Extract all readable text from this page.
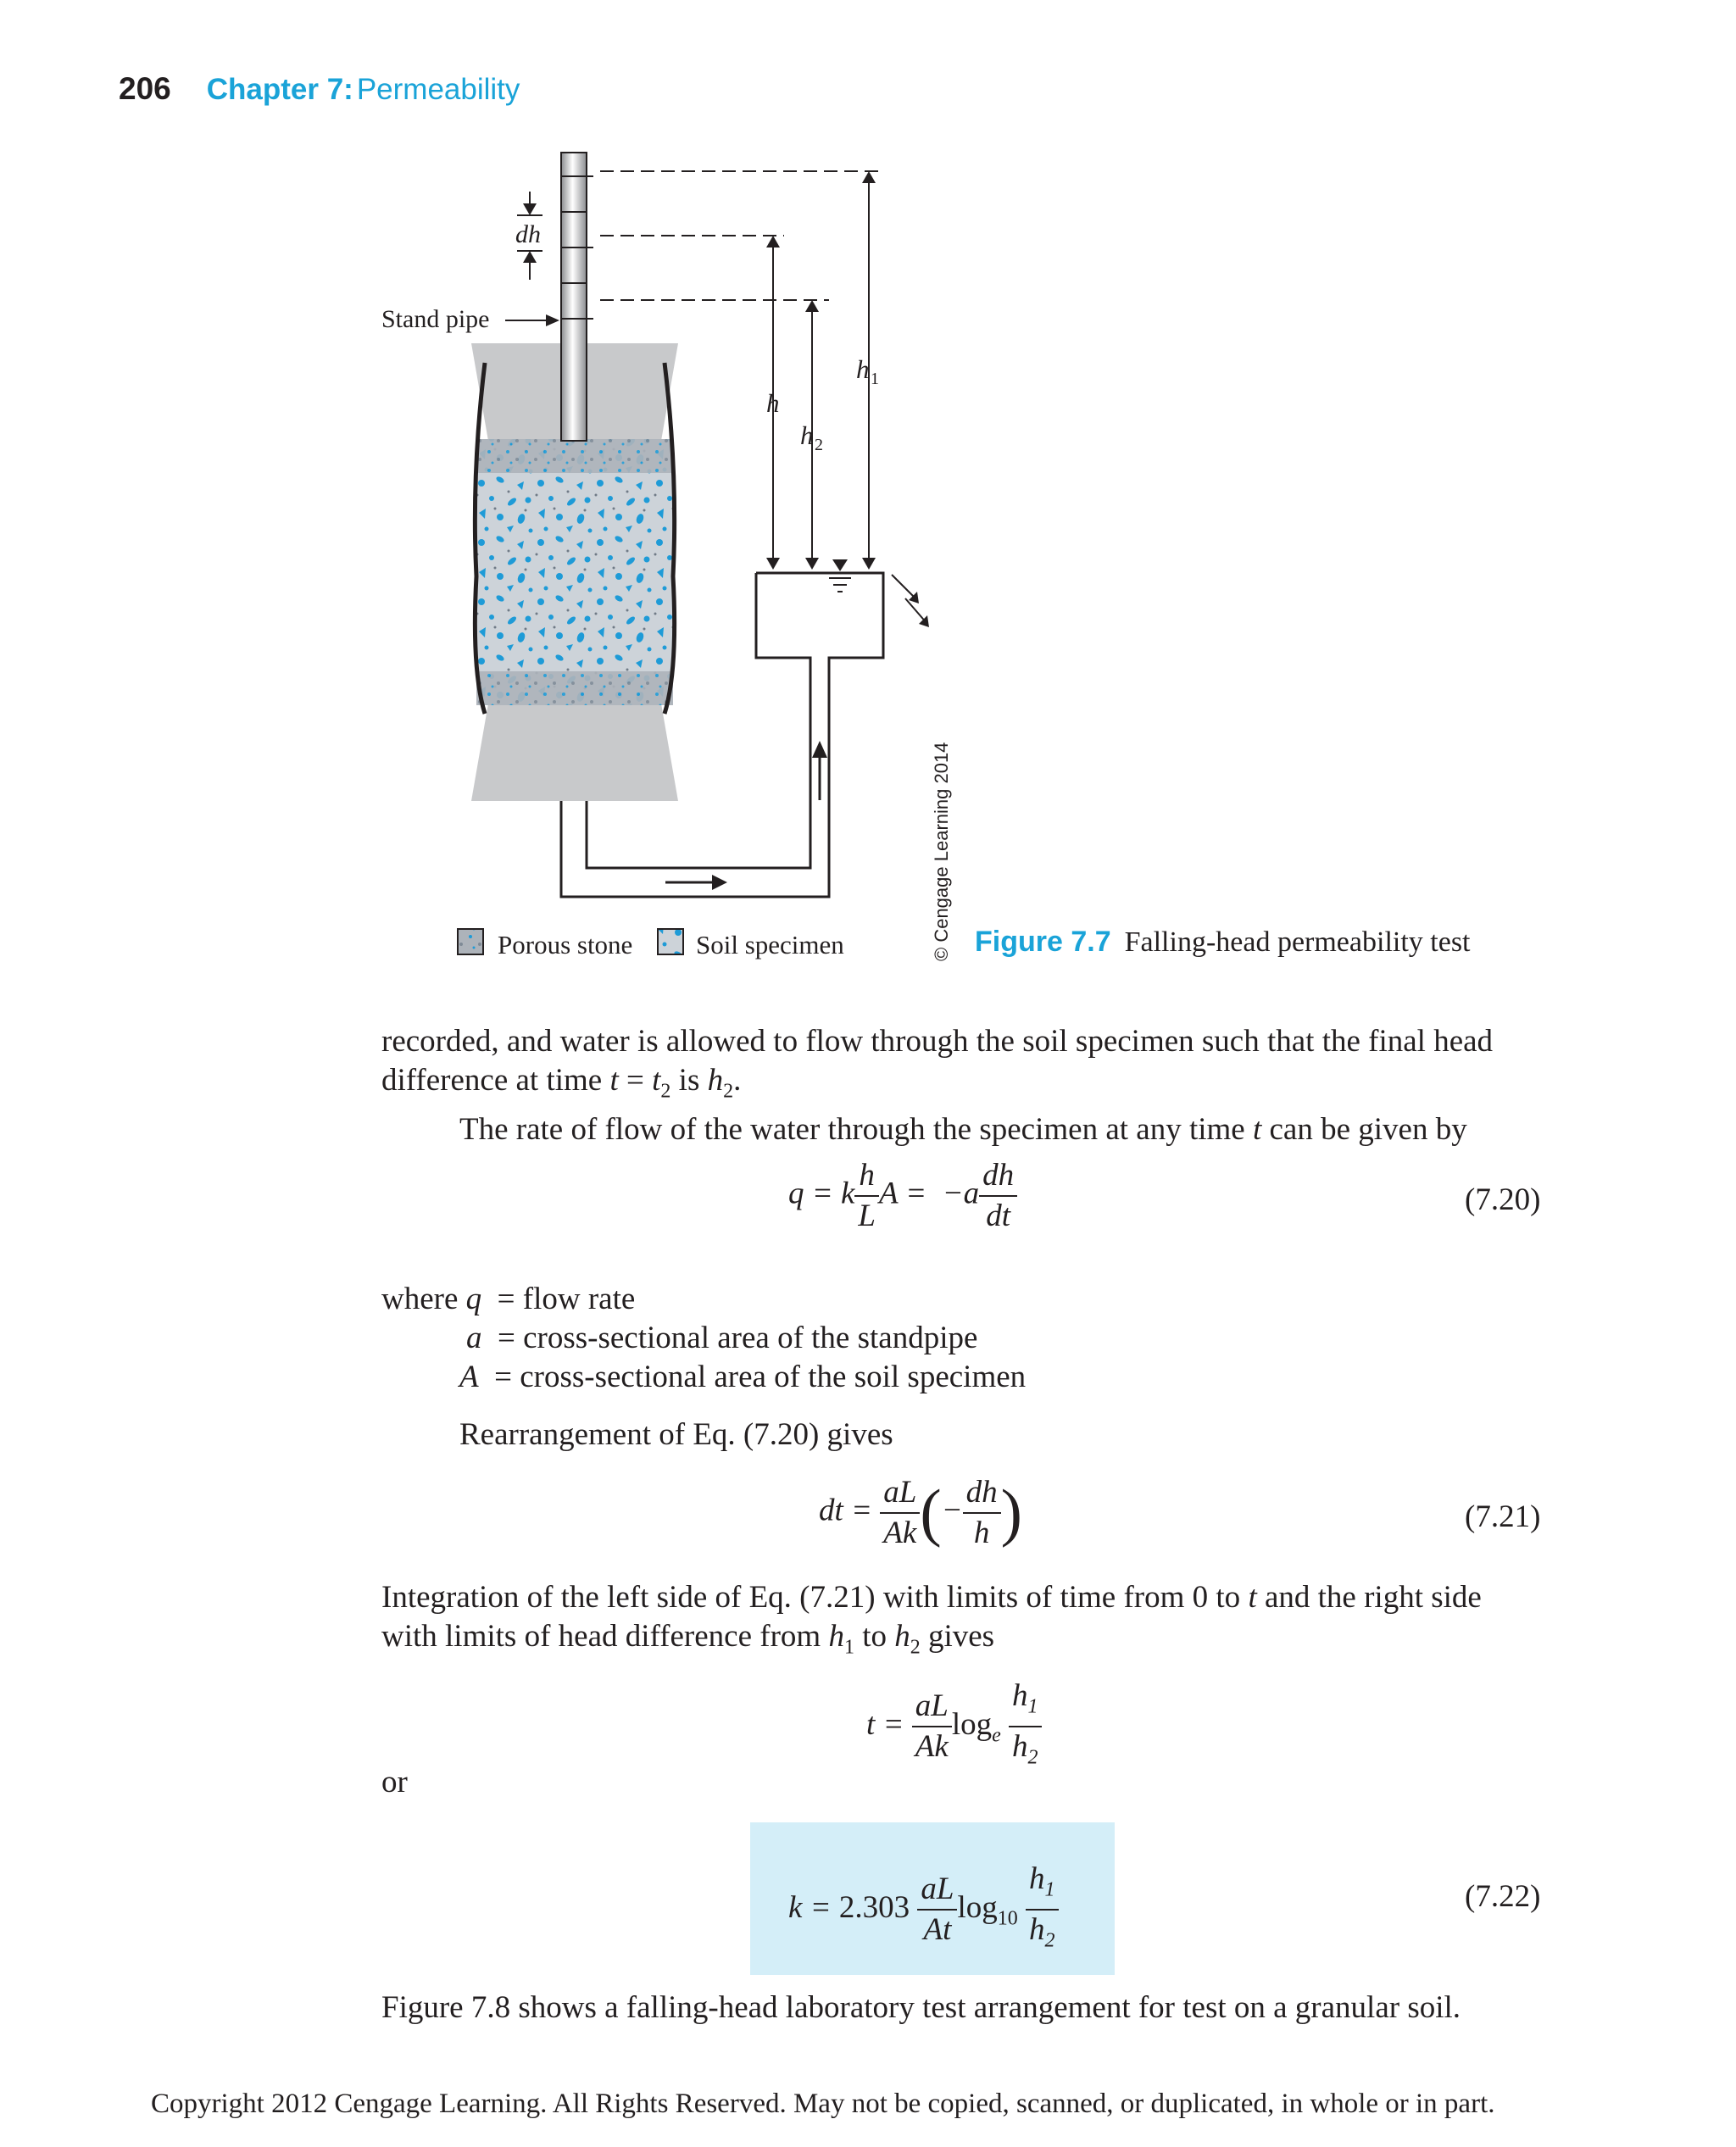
206 Chapter 7: Permeability
Stand pipe
dh
h
h 2
h 1
© Cengage Learning 2014
Porous stone Soil specimen	Figure 7.7 Falling-head permeability test
recorded, and water is allowed to flow through the soil specimen such that the final head
difference at time $t = t_2$ is $h_2$.
The rate of flow of the water through the specimen at any time t can be given by
q = k $\frac{h}{L}$ $A = -a \frac{dh}{dt}$	(7.20)
where q = flow rate
a = cross-sectional area of the standpipe
A = cross-sectional area of the soil specimen
Rearrangement of Eq. (7.20) gives
dt = $\frac{aL}{Ak}$ (− $\frac{dh}{h}$ )	(7.21)
Integration of the left side of Eq. (7.21) with limits of time from 0 to t and the right side
with limits of head difference from $h_1$ to $h_2$ gives
$t = \frac{aL}{Ak} \log_e \frac{h_1}{h_2}$
or
$k = 2.303 \frac{aL}{At} \log_{10} \frac{h_1}{h_2}$	(7.22)
Figure 7.8 shows a falling-head laboratory test arrangement for test on a granular soil.
Copyright 2012 Cengage Learning. All Rights Reserved. May not be copied, scanned, or duplicated, in whole or in part.
